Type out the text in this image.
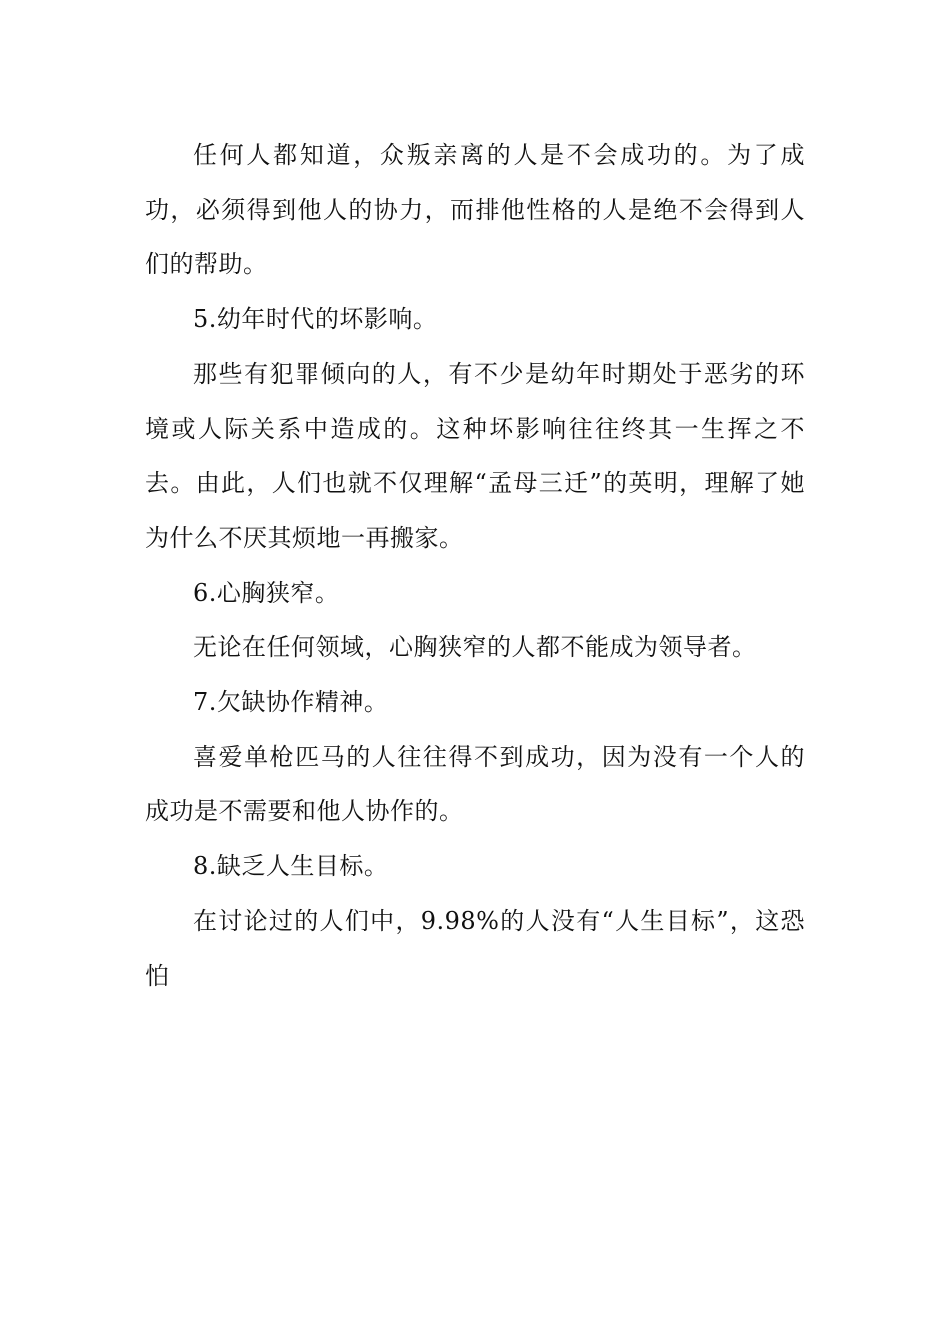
任何人都知道，众叛亲离的人是不会成功的。为了成功，必须得到他人的协力，而排他性格的人是绝不会得到人们的帮助。

5.幼年时代的坏影响。

那些有犯罪倾向的人，有不少是幼年时期处于恶劣的环境或人际关系中造成的。这种坏影响往往终其一生挥之不去。由此，人们也就不仅理解“孟母三迁”的英明，理解了她为什么不厌其烦地一再搬家。

6.心胸狭窄。

无论在任何领域，心胸狭窄的人都不能成为领导者。

7.欠缺协作精神。

喜爱单枪匹马的人往往得不到成功，因为没有一个人的成功是不需要和他人协作的。

8.缺乏人生目标。

在讨论过的人们中，9.98%的人没有“人生目标”，这恐怕
